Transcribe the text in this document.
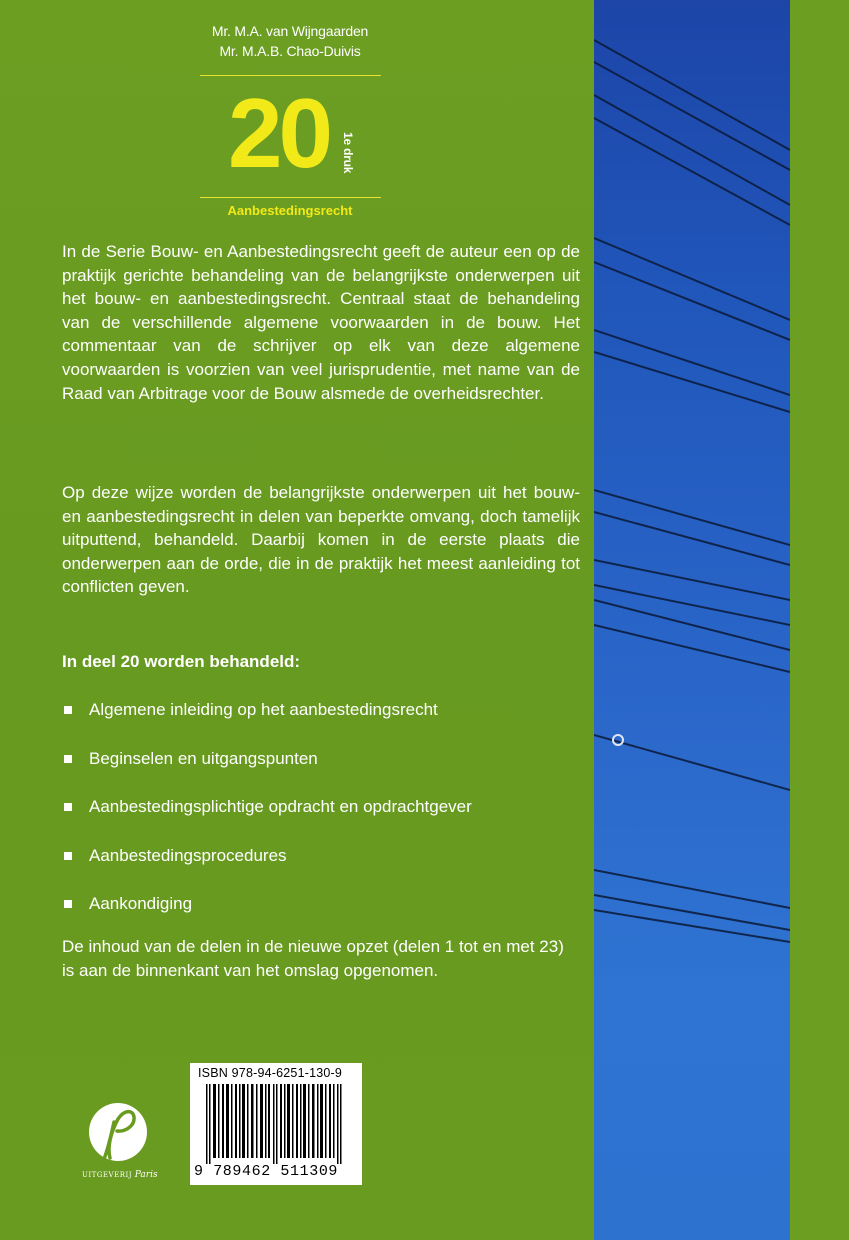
Mr. M.A. van Wijngaarden
Mr. M.A.B. Chao-Duivis
20 1e druk
Aanbestedingsrecht

In de Serie Bouw- en Aanbestedingsrecht geeft de auteur een op de praktijk gerichte behandeling van de belangrijkste onderwerpen uit het bouw- en aanbestedingsrecht. Centraal staat de behandeling van de verschillende algemene voorwaarden in de bouw. Het commentaar van de schrijver op elk van deze algemene voorwaarden is voorzien van veel jurisprudentie, met name van de Raad van Arbitrage voor de Bouw alsmede de overheidsrechter.

Op deze wijze worden de belangrijkste onderwerpen uit het bouw- en aanbestedingsrecht in delen van beperkte omvang, doch tamelijk uitputtend, behandeld. Daarbij komen in de eerste plaats die onderwerpen aan de orde, die in de praktijk het meest aanleiding tot conflicten geven.

In deel 20 worden behandeld:
Algemene inleiding op het aanbestedingsrecht
Beginselen en uitgangspunten
Aanbestedingsplichtige opdracht en opdrachtgever
Aanbestedingsprocedures
Aankondiging

De inhoud van de delen in de nieuwe opzet (delen 1 tot en met 23) is aan de binnenkant van het omslag opgenomen.

ISBN 978-94-6251-130-9
9 789462 511309
UITGEVERIJ Paris
